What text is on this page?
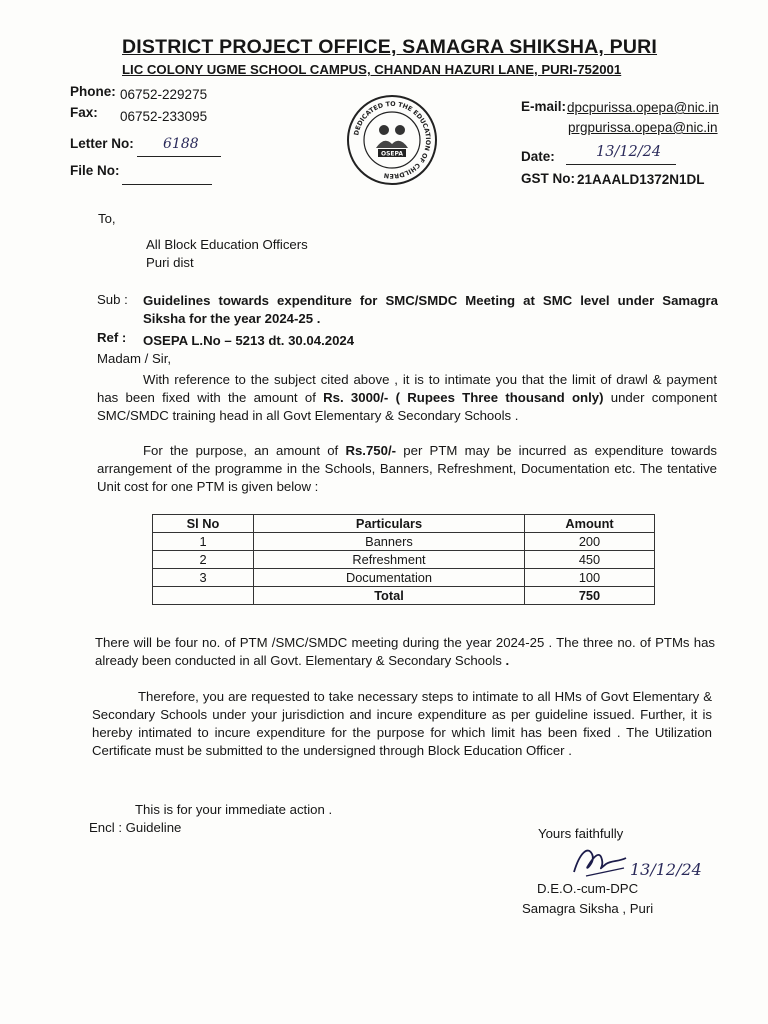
DISTRICT PROJECT OFFICE, SAMAGRA SHIKSHA, PURI
LIC COLONY UGME SCHOOL CAMPUS, CHANDAN HAZURI LANE, PURI-752001
Phone: 06752-229275
Fax: 06752-233095
Letter No: 6188
File No:
DEDICATED TO THE EDUCATION OF CHILDREN
OSEPA
E-mail: dpcpurissa.opepa@nic.in
prgpurissa.opepa@nic.in
Date:	13/12/24
GST No: 21AAALD1372N1DL
To,
All Block Education Officers
Puri dist
Sub : Guidelines towards expenditure for SMC/SMDC Meeting at SMC level under Samagra Siksha for the year 2024-25 .
Ref : OSEPA L.No – 5213 dt. 30.04.2024
Madam / Sir,

With reference to the subject cited above , it is to intimate you that the limit of drawl & payment has been fixed with the amount of Rs. 3000/- ( Rupees Three thousand only) under component SMC/SMDC training head in all Govt Elementary & Secondary Schools .

For the purpose, an amount of Rs.750/- per PTM may be incurred as expenditure towards arrangement of the programme in the Schools, Banners, Refreshment, Documentation etc. The tentative Unit cost for one PTM is given below :

Sl No	Particulars	Amount
1	Banners	200
2	Refreshment	450
3	Documentation	100
	Total	750

There will be four no. of PTM /SMC/SMDC meeting during the year 2024-25 . The three no. of PTMs has already been conducted in all Govt. Elementary & Secondary Schools .

Therefore, you are requested to take necessary steps to intimate to all HMs of Govt Elementary & Secondary Schools under your jurisdiction and incure expenditure as per guideline issued. Further, it is hereby intimated to incure expenditure for the purpose for which limit has been fixed . The Utilization Certificate must be submitted to the undersigned through Block Education Officer .

This is for your immediate action .
Encl : Guideline	Yours faithfully
13/12/24
D.E.O.-cum-DPC
Samagra Siksha , Puri
